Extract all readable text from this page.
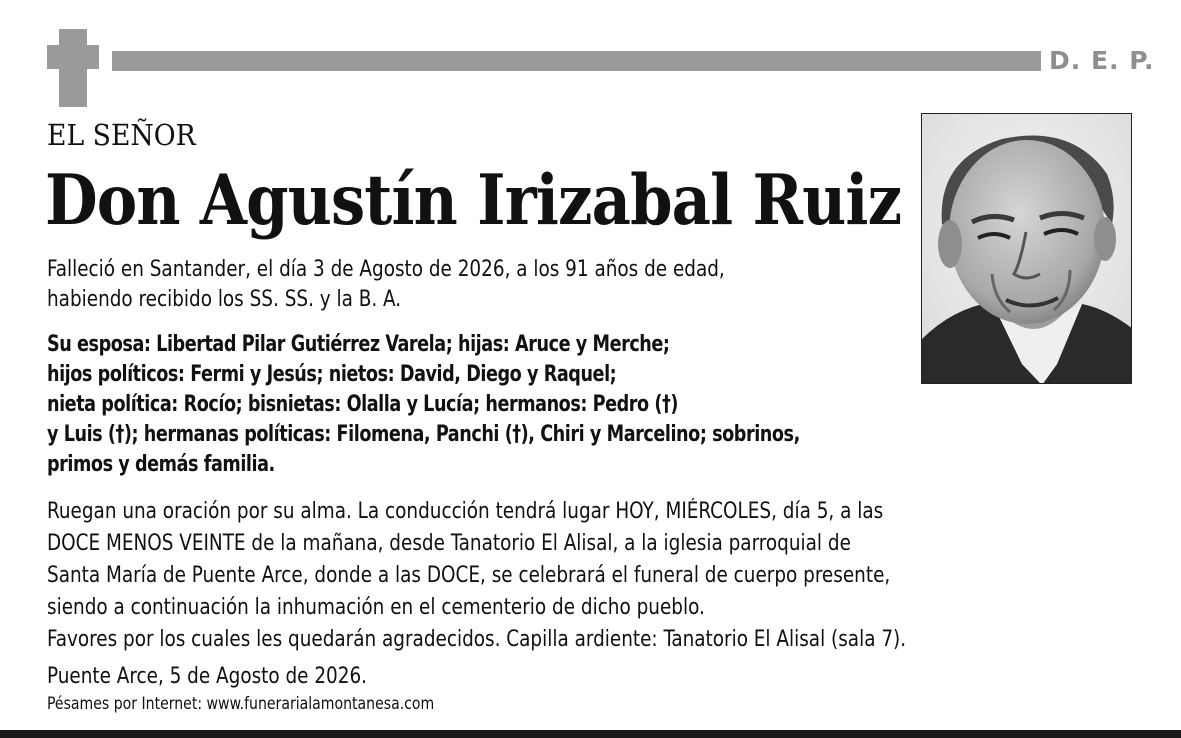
D. E. P.
EL SEÑOR
Don Agustín Irizabal Ruiz
Falleció en Santander, el día 3 de Agosto de 2026, a los 91 años de edad,
habiendo recibido los SS. SS. y la B. A.
Su esposa: Libertad Pilar Gutiérrez Varela; hijas: Aruce y Merche;
hijos políticos: Fermi y Jesús; nietos: David, Diego y Raquel;
nieta política: Rocío; bisnietas: Olalla y Lucía; hermanos: Pedro (†)
y Luis (†); hermanas políticas: Filomena, Panchi (†), Chiri y Marcelino; sobrinos,
primos y demás familia.
Ruegan una oración por su alma. La conducción tendrá lugar HOY, MIÉRCOLES, día 5, a las
DOCE MENOS VEINTE de la mañana, desde Tanatorio El Alisal, a la iglesia parroquial de
Santa María de Puente Arce, donde a las DOCE, se celebrará el funeral de cuerpo presente,
siendo a continuación la inhumación en el cementerio de dicho pueblo.
Favores por los cuales les quedarán agradecidos. Capilla ardiente: Tanatorio El Alisal (sala 7).
Puente Arce, 5 de Agosto de 2026.
Pésames por Internet: www.funerarialamontanesa.com
